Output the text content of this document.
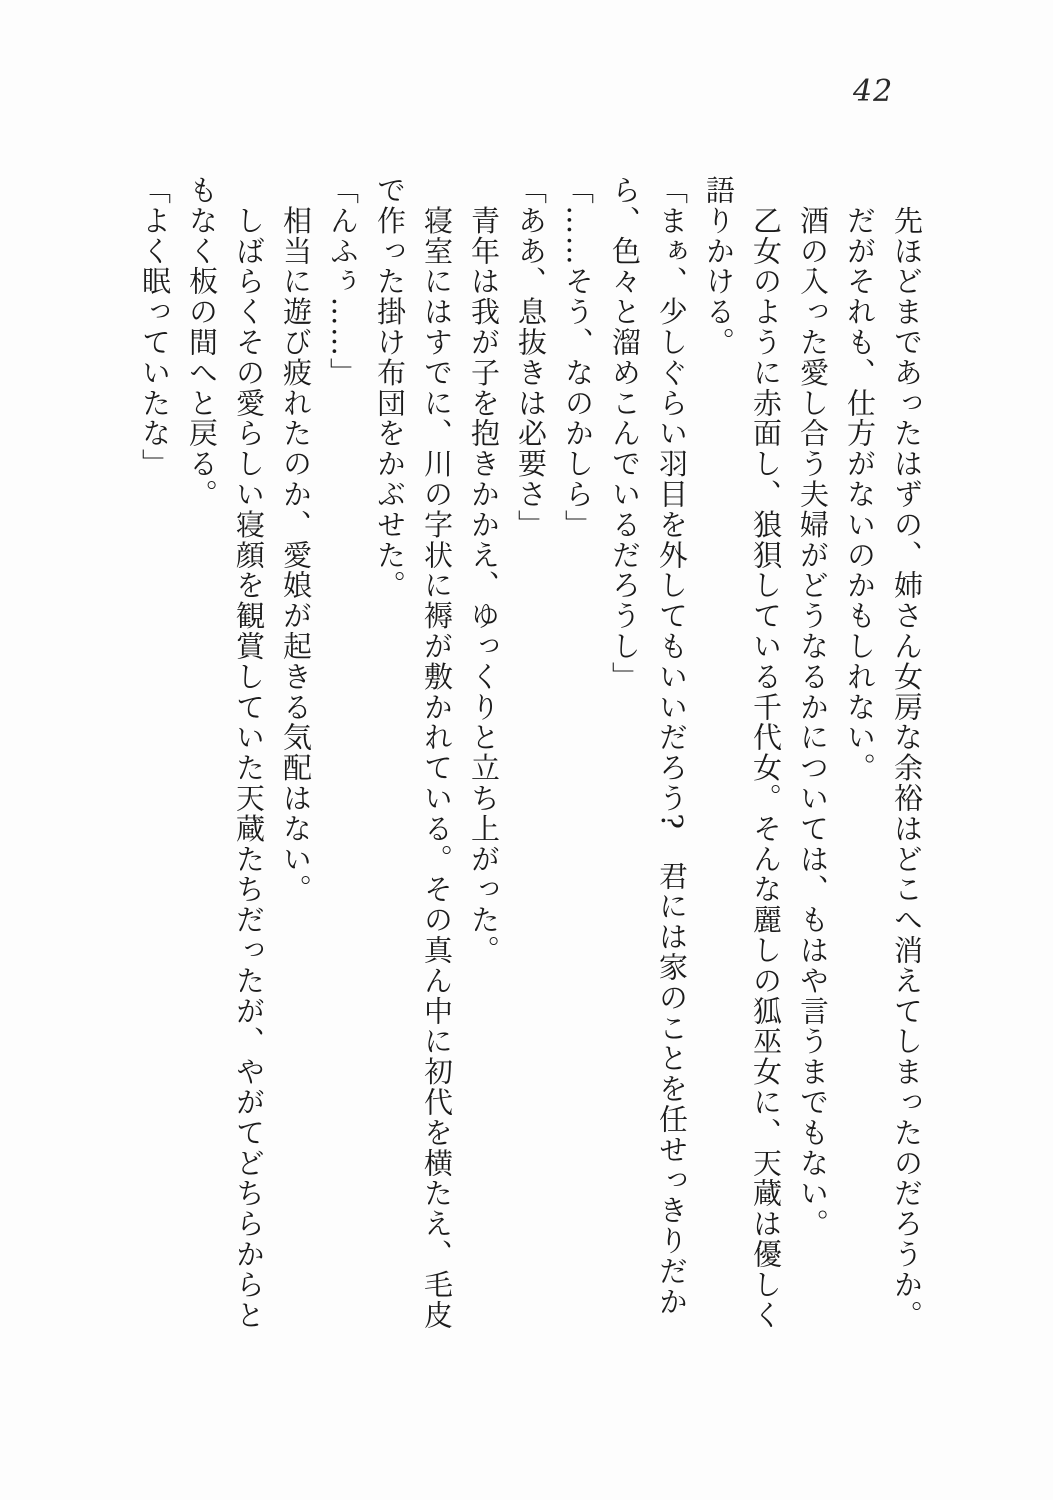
42
　先ほどまであったはずの、姉さん女房な余裕はどこへ消えてしまったのだろうか。
　だがそれも、仕方がないのかもしれない。
　酒の入った愛し合う夫婦がどうなるかについては、もはや言うまでもない。
　乙女のように赤面し、狼狽している千代女。そんな麗しの狐巫女に、天蔵は優しく
語りかける。
「まぁ、少しぐらい羽目を外してもいいだろう?　君には家のことを任せっきりだか
ら、色々と溜めこんでいるだろうし」
「……そう、なのかしら」
「ああ、息抜きは必要さ」
　青年は我が子を抱きかかえ、ゆっくりと立ち上がった。
　寝室にはすでに、川の字状に褥が敷かれている。その真ん中に初代を横たえ、毛皮
で作った掛け布団をかぶせた。
「んふぅ……」
　相当に遊び疲れたのか、愛娘が起きる気配はない。
　しばらくその愛らしい寝顔を観賞していた天蔵たちだったが、やがてどちらからと
もなく板の間へと戻る。
「よく眠っていたな」
